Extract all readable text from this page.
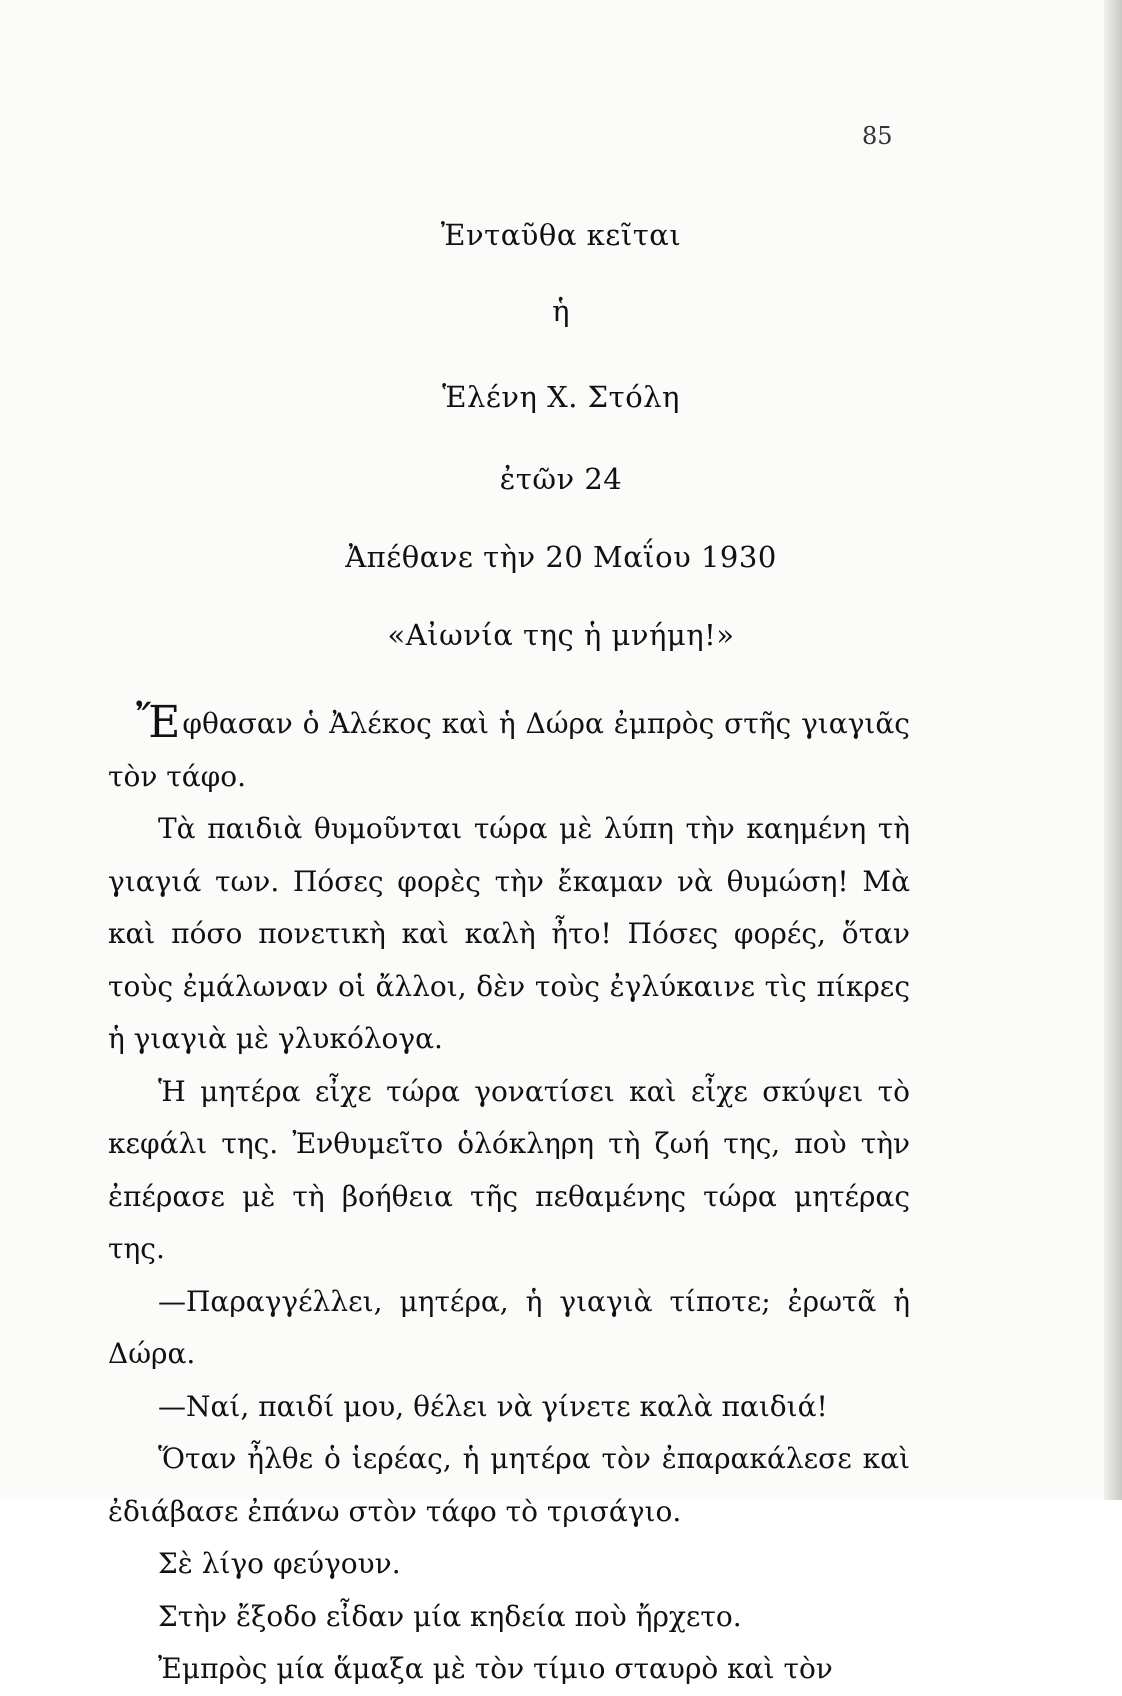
85
Ἐνταῦθα κεῖται
ἡ
Ἑλένη Χ. Στόλη
ἐτῶν 24
Ἀπέθανε τὴν 20 Μαΐου 1930
«Αἰωνία της ἡ μνήμη!»

Ἔφθασαν ὁ Ἀλέκος καὶ ἡ Δώρα ἐμπρὸς στῆς γιαγιᾶς τὸν τάφο.

Τὰ παιδιὰ θυμοῦνται τώρα μὲ λύπη τὴν καημένη τὴ γιαγιά των. Πόσες φορὲς τὴν ἔκαμαν νὰ θυμώση! Μὰ καὶ πόσο πονετικὴ καὶ καλὴ ἦτο! Πόσες φορές, ὅταν τοὺς ἐμάλωναν οἱ ἄλλοι, δὲν τοὺς ἐγλύκαινε τὶς πίκρες ἡ γιαγιὰ μὲ γλυκόλογα.

Ἡ μητέρα εἶχε τώρα γονατίσει καὶ εἶχε σκύψει τὸ κεφάλι της. Ἐνθυμεῖτο ὁλόκληρη τὴ ζωή της, ποὺ τὴν ἐπέρασε μὲ τὴ βοήθεια τῆς πεθαμένης τώρα μητέρας της.

—Παραγγέλλει, μητέρα, ἡ γιαγιὰ τίποτε; ἐρωτᾶ ἡ Δώρα.

—Ναί, παιδί μου, θέλει νὰ γίνετε καλὰ παιδιά!

Ὅταν ἦλθε ὁ ἱερέας, ἡ μητέρα τὸν ἐπαρακάλεσε καὶ ἐδιάβασε ἐπάνω στὸν τάφο τὸ τρισάγιο.

Σὲ λίγο φεύγουν.

Στὴν ἔξοδο εἶδαν μία κηδεία ποὺ ἤρχετο.

Ἐμπρὸς μία ἅμαξα μὲ τὸν τίμιο σταυρὸ καὶ τὸν
